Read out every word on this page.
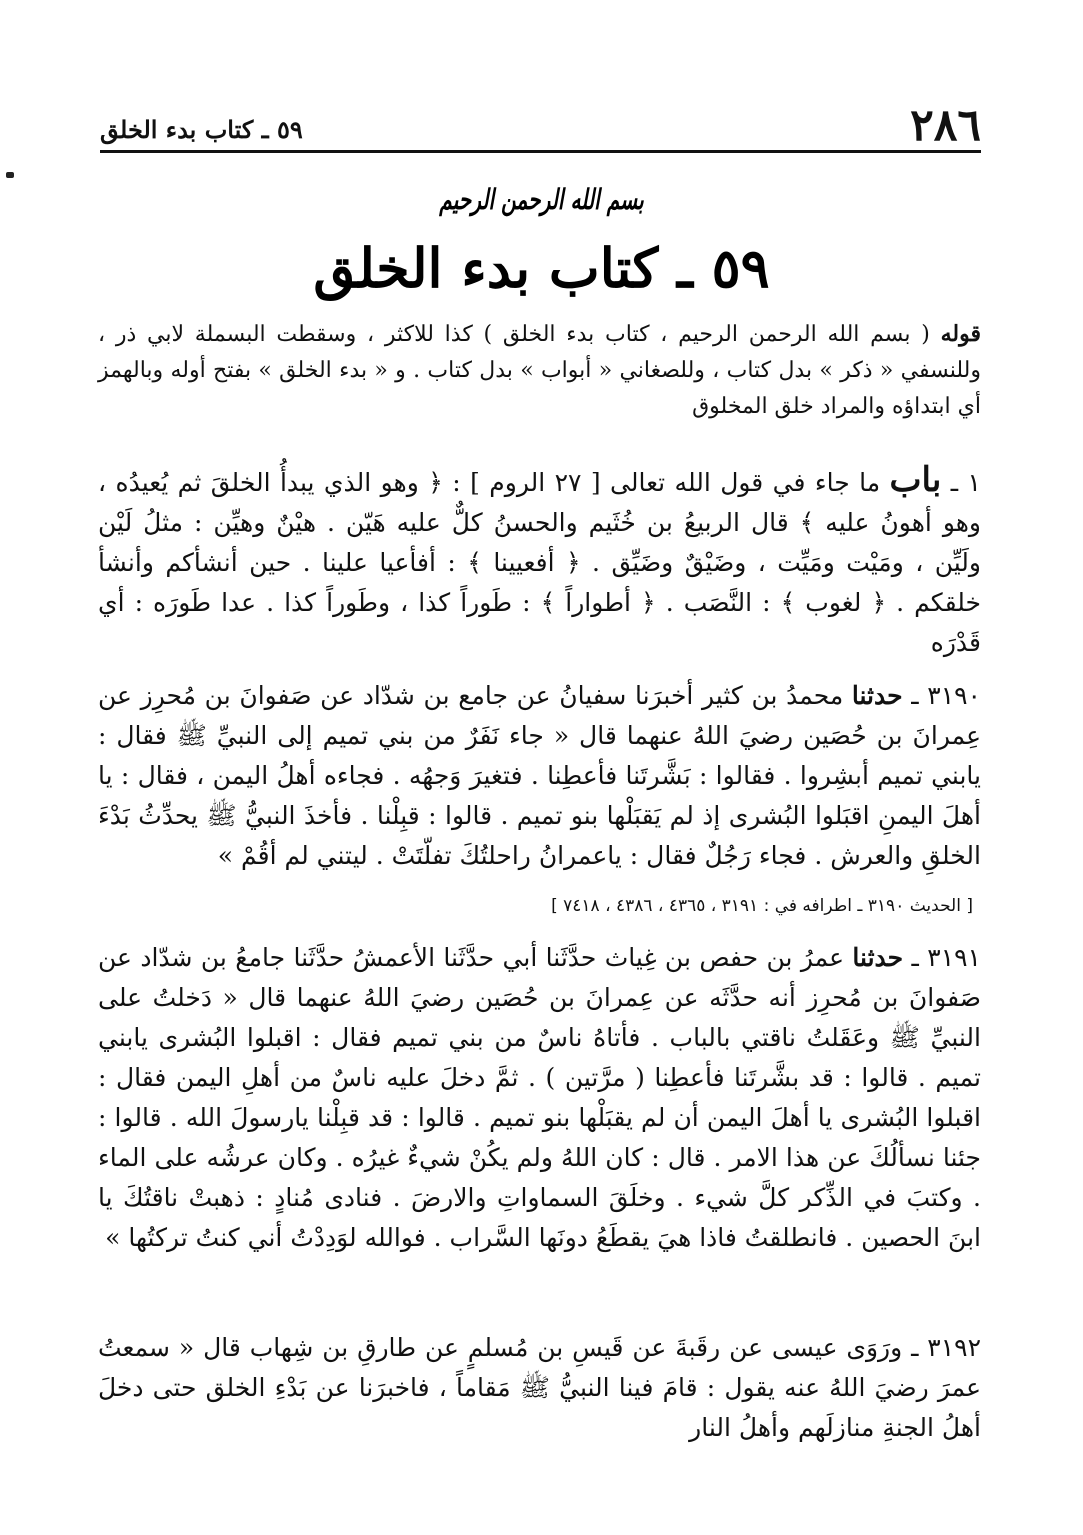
٢٨٦
٥٩ ـ كتاب بدء الخلق
بسم الله الرحمن الرحيم
٥٩ ـ كتاب بدء الخلق
قوله ( بسم الله الرحمن الرحيم ، كتاب بدء الخلق ) كذا للاكثر ، وسقطت البسملة لابي ذر ، وللنسفي « ذكر » بدل كتاب ، وللصغاني « أبواب » بدل كتاب . و « بدء الخلق » بفتح أوله وبالهمز أي ابتداؤه والمراد خلق المخلوق
١ ـ باب ما جاء في قول الله تعالى [ ٢٧ الروم ] : ﴿ وهو الذي يبدأُ الخلقَ ثم يُعيدُه ، وهو أهونُ عليه ﴾ قال الربيعُ بن خُثَيم والحسنُ كلٌّ عليه هَيّن . هيْنٌ وهيِّن : مثلُ لَيْن ولَيِّن ، ومَيْت ومَيِّت ، وضَيْقٌ وضَيِّق . ﴿ أفعيينا ﴾ : أفأعيا علينا . حين أنشأكم وأنشأ خلقكم . ﴿ لغوب ﴾ : النَّصَب . ﴿ أطواراً ﴾ : طَوراً كذا ، وطَوراً كذا . عدا طَورَه : أي قَدْرَه
٣١٩٠ ـ حدثنا محمدُ بن كثير أخبرَنا سفيانُ عن جامع بن شدّاد عن صَفوانَ بن مُحرِز عن عِمرانَ بن حُصَين رضيَ اللهُ عنهما قال « جاء نَفَرٌ من بني تميم إلى النبيِّ ﷺ فقال : يابني تميم أبشِروا . فقالوا : بَشَّرتَنا فأعطِنا . فتغيرَ وَجهُه . فجاءه أهلُ اليمن ، فقال : يا أهلَ اليمنِ اقبَلوا البُشرى إذ لم يَقبَلْها بنو تميم . قالوا : قبِلْنا . فأخذَ النبيُّ ﷺ يحدِّثُ بَدْءَ الخلقِ والعرش . فجاء رَجُلٌ فقال : ياعمرانُ راحلتُكَ تفلّتَتْ . ليتني لم أقُمْ »
[ الحديث ٣١٩٠ ـ اطرافه في : ٣١٩١ ، ٤٣٦٥ ، ٤٣٨٦ ، ٧٤١٨ ]
٣١٩١ ـ حدثنا عمرُ بن حفص بن غِياث حدَّثَنا أبي حدَّثَنا الأعمشُ حدَّثَنا جامعُ بن شدّاد عن صَفوانَ بن مُحرِز أنه حدَّثَه عن عِمرانَ بن حُصَين رضيَ اللهُ عنهما قال « دَخلتُ على النبيِّ ﷺ وعَقَلتُ ناقتي بالباب . فأتاهُ ناسٌ من بني تميم فقال : اقبلوا البُشرى يابني تميم . قالوا : قد بشَّرتَنا فأعطِنا ( مرَّتين ) . ثمَّ دخلَ عليه ناسٌ من أهلِ اليمن فقال : اقبلوا البُشرى يا أهلَ اليمن أن لم يقبَلْها بنو تميم . قالوا : قد قبِلْنا يارسولَ الله . قالوا : جئنا نسألُكَ عن هذا الامر . قال : كان اللهُ ولم يكُنْ شيءٌ غيرُه . وكان عرشُه على الماء . وكتبَ في الذِّكر كلَّ شيء . وخلَقَ السماواتِ والارضَ . فنادى مُنادٍ : ذهبتْ ناقتُكَ يا ابنَ الحصين . فانطلقتُ فاذا هيَ يقطَعُ دونَها السَّراب . فوالله لوَدِدْتُ أني كنتُ تركتُها »
٣١٩٢ ـ ورَوَى عيسى عن رقَبةَ عن قَيسِ بن مُسلمٍ عن طارقِ بن شِهاب قال « سمعتُ عمرَ رضيَ اللهُ عنه يقول : قامَ فينا النبيُّ ﷺ مَقاماً ، فاخبرَنا عن بَدْءِ الخلق حتى دخلَ أهلُ الجنةِ منازلَهم وأهلُ النار
